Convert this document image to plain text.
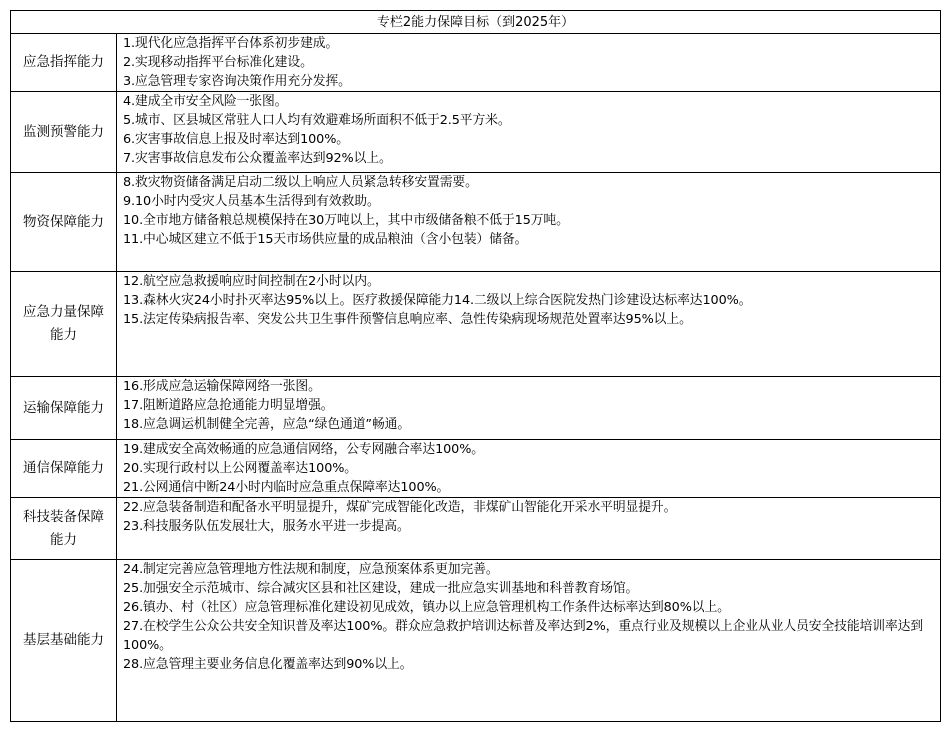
专栏2能力保障目标（到2025年）	

应急指挥能力	1.现代化应急指挥平台体系初步建成。
2.实现移动指挥平台标准化建设。
3.应急管理专家咨询决策作用充分发挥。

监测预警能力	4.建成全市安全风险一张图。
5.城市、区县城区常驻人口人均有效避难场所面积不低于2.5平方米。
6.灾害事故信息上报及时率达到100%。
7.灾害事故信息发布公众覆盖率达到92%以上。

物资保障能力	8.救灾物资储备满足启动二级以上响应人员紧急转移安置需要。
9.10小时内受灾人员基本生活得到有效救助。
10.全市地方储备粮总规模保持在30万吨以上，其中市级储备粮不低于15万吨。
11.中心城区建立不低于15天市场供应量的成品粮油（含小包装）储备。

应急力量保障能力	12.航空应急救援响应时间控制在2小时以内。
13.森林火灾24小时扑灭率达95%以上。医疗救援保障能力14.二级以上综合医院发热门诊建设达标率达100%。
15.法定传染病报告率、突发公共卫生事件预警信息响应率、急性传染病现场规范处置率达95%以上。

运输保障能力	16.形成应急运输保障网络一张图。
17.阻断道路应急抢通能力明显增强。
18.应急调运机制健全完善，应急“绿色通道”畅通。

通信保障能力	19.建成安全高效畅通的应急通信网络，公专网融合率达100%。
20.实现行政村以上公网覆盖率达100%。
21.公网通信中断24小时内临时应急重点保障率达100%。

科技装备保障能力	22.应急装备制造和配备水平明显提升，煤矿完成智能化改造，非煤矿山智能化开采水平明显提升。
23.科技服务队伍发展壮大，服务水平进一步提高。

基层基础能力	24.制定完善应急管理地方性法规和制度，应急预案体系更加完善。
25.加强安全示范城市、综合减灾区县和社区建设，建成一批应急实训基地和科普教育场馆。
26.镇办、村（社区）应急管理标准化建设初见成效，镇办以上应急管理机构工作条件达标率达到80%以上。
27.在校学生公众公共安全知识普及率达100%。群众应急救护培训达标普及率达到2%，重点行业及规模以上企业从业人员安全技能培训率达到100%。
28.应急管理主要业务信息化覆盖率达到90%以上。
